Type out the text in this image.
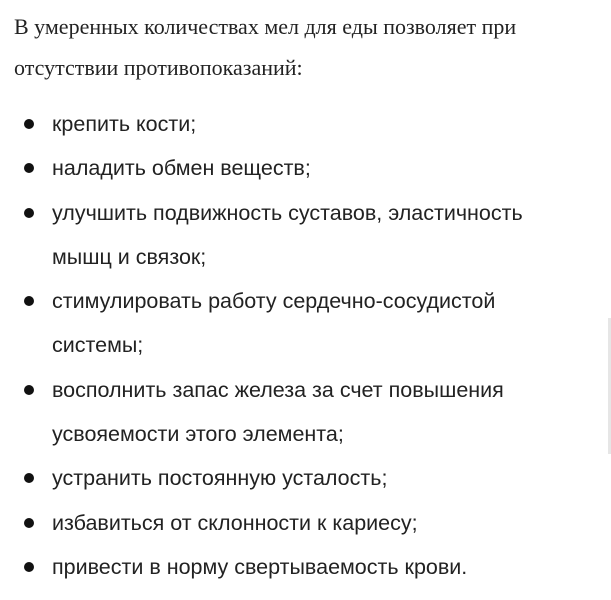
В умеренных количествах мел для еды позволяет при отсутствии противопоказаний:

крепить кости;
наладить обмен веществ;
улучшить подвижность суставов, эластичность мышц и связок;
стимулировать работу сердечно-сосудистой системы;
восполнить запас железа за счет повышения усвояемости этого элемента;
устранить постоянную усталость;
избавиться от склонности к кариесу;
привести в норму свертываемость крови.
